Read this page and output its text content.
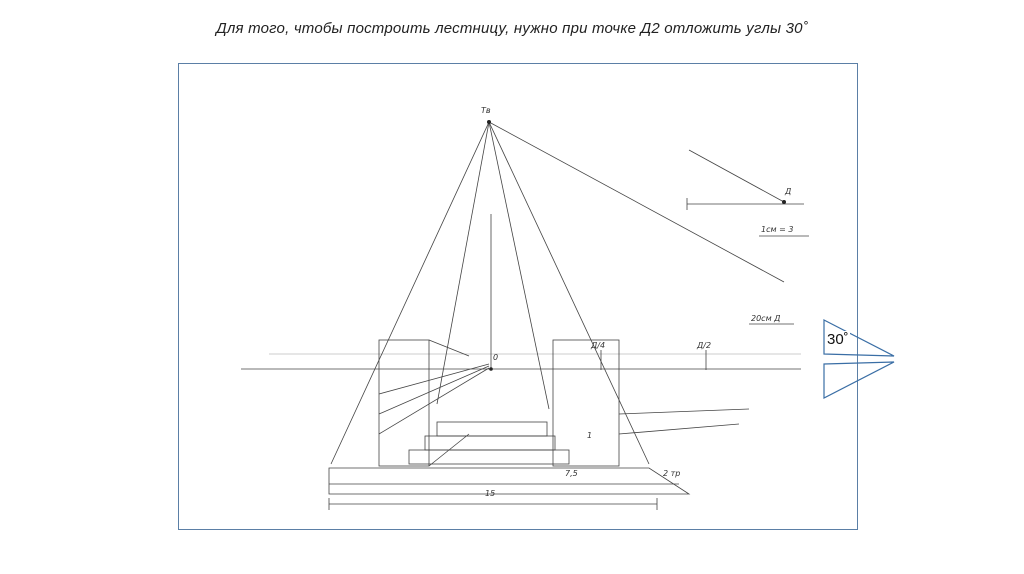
Для того, чтобы построить лестницу, нужно при точке Д2 отложить углы 30˚
Tв
Д
1см = 3
20см Д
Д/4	Д/2
0
15
7,5
1
2 тр
30˚
